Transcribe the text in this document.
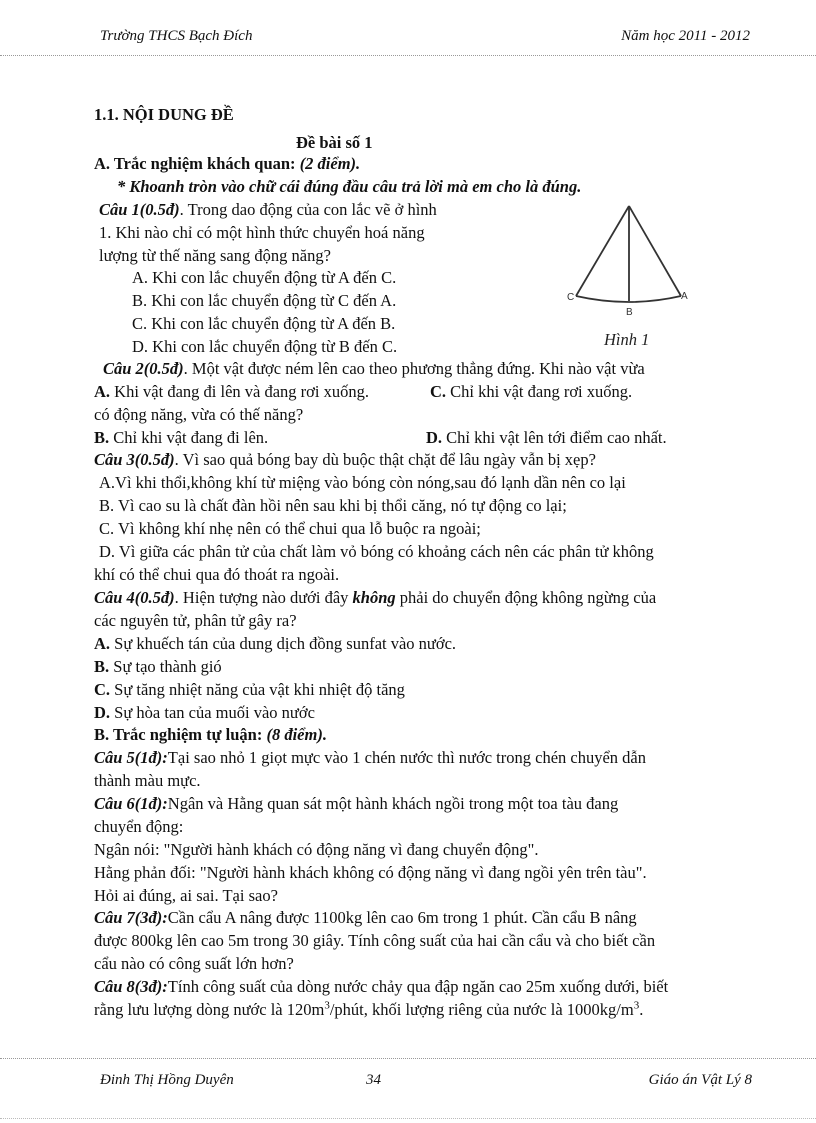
Trường THCS Bạch Đích	Năm học 2011 - 2012
1.1. NỘI DUNG ĐỀ
Đề bài số 1
A. Trắc nghiệm khách quan: (2 điểm).
* Khoanh tròn vào chữ cái đúng đầu câu trả lời mà em cho là đúng.
Câu 1(0.5đ). Trong dao động của con lắc vẽ ở hình
1. Khi nào chỉ có một hình thức chuyển hoá năng
lượng từ thế năng sang động năng?
A. Khi con lắc chuyển động từ A đến C.
B. Khi con lắc chuyển động từ C đến A.
C. Khi con lắc chuyển động từ A đến B.
D. Khi con lắc chuyển động từ B đến C.
C
B
A
Hình 1
Câu 2(0.5đ). Một vật được ném lên cao theo phương thẳng đứng. Khi nào vật vừa
A. Khi vật đang đi lên và đang rơi xuống.	C. Chỉ khi vật đang rơi xuống.
có động năng, vừa có thế năng?
B. Chỉ khi vật đang đi lên.	D. Chỉ khi vật lên tới điểm cao nhất.
Câu 3(0.5đ). Vì sao quả bóng bay dù buộc thật chặt để lâu ngày vẫn bị xẹp?
A.Vì khi thổi,không khí từ miệng vào bóng còn nóng,sau đó lạnh dần nên co lại
B. Vì cao su là chất đàn hồi nên sau khi bị thổi căng, nó tự động co lại;
C. Vì không khí nhẹ nên có thể chui qua lỗ buộc ra ngoài;
D. Vì giữa các phân tử của chất làm vỏ bóng có khoảng cách nên các phân tử không
khí có thể chui qua đó thoát ra ngoài.
Câu 4(0.5đ). Hiện tượng nào dưới đây không phải do chuyển động không ngừng của
các nguyên tử, phân tử gây ra?
A. Sự khuếch tán của dung dịch đồng sunfat vào nước.
B. Sự tạo thành gió
C. Sự tăng nhiệt năng của vật khi nhiệt độ tăng
D. Sự hòa tan của muối vào nước
B. Trắc nghiệm tự luận: (8 điểm).
Câu 5(1đ):Tại sao nhỏ 1 giọt mực vào 1 chén nước thì nước trong chén chuyển dẫn
thành màu mực.
Câu 6(1đ):Ngân và Hằng quan sát một hành khách ngồi trong một toa tàu đang
chuyển động:
Ngân nói: "Người hành khách có động năng vì đang chuyển động".
Hằng phản đối: "Người hành khách không có động năng vì đang ngồi yên trên tàu".
Hỏi ai đúng, ai sai. Tại sao?
Câu 7(3đ):Cần cẩu A nâng được 1100kg lên cao 6m trong 1 phút. Cần cẩu B nâng
được 800kg lên cao 5m trong 30 giây. Tính công suất của hai cần cẩu và cho biết cần
cẩu nào có công suất lớn hơn?
Câu 8(3đ):Tính công suất của dòng nước chảy qua đập ngăn cao 25m xuống dưới, biết
rằng lưu lượng dòng nước là $120m^3$/phút, khối lượng riêng của nước là $1000kg/m^3$.
Đinh Thị Hồng Duyên	34	Giáo án Vật Lý 8
